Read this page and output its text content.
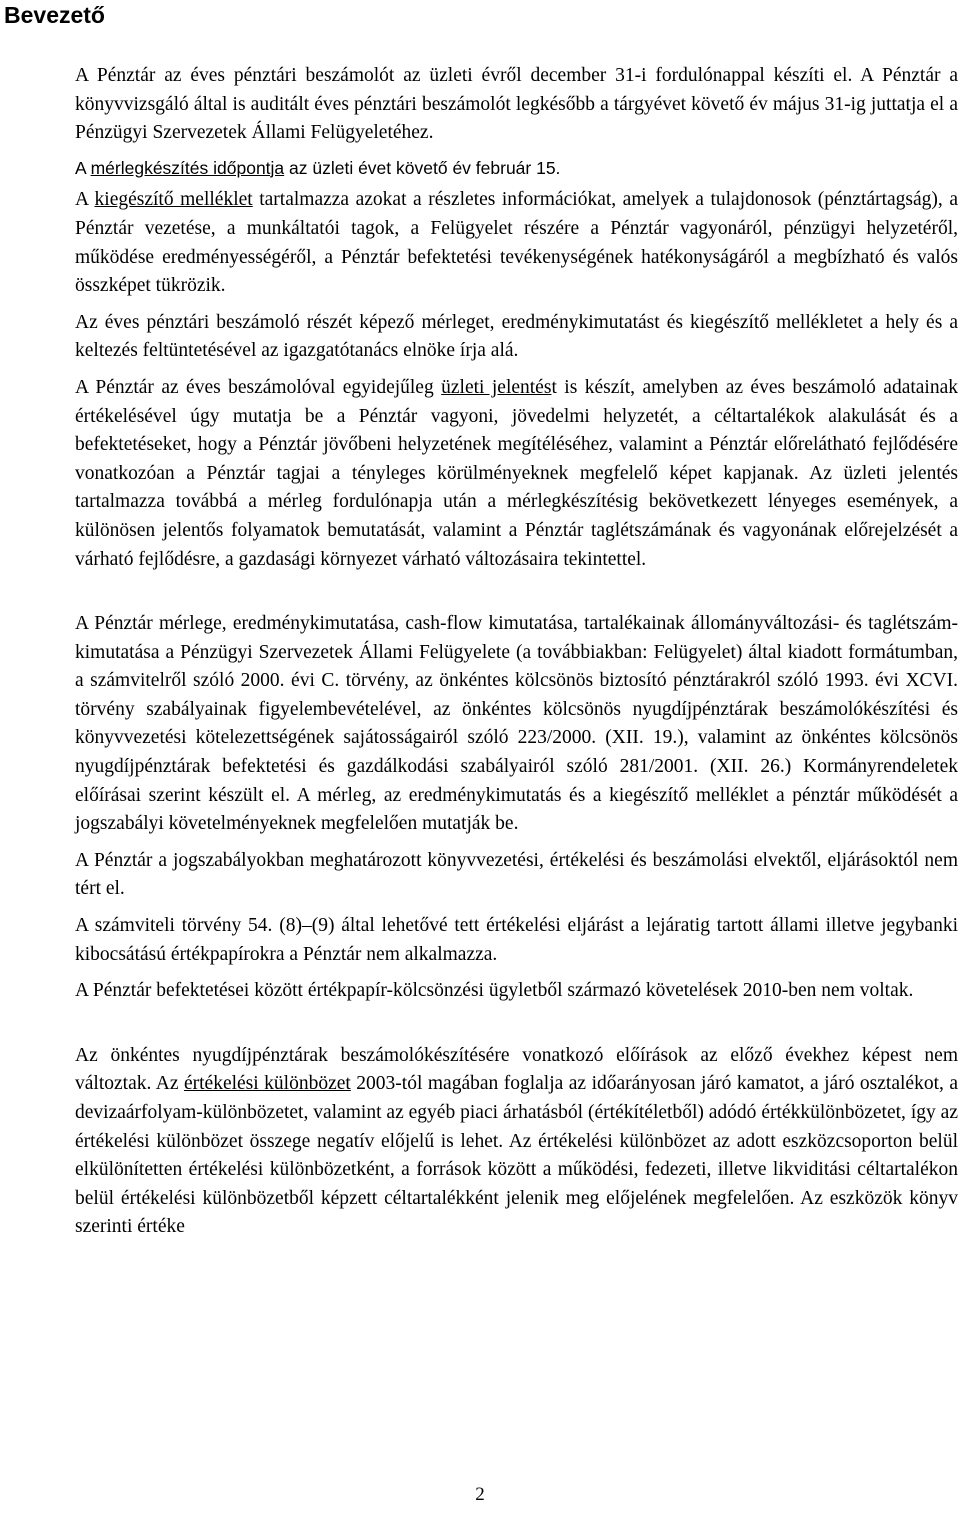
Bevezető

A Pénztár az éves pénztári beszámolót az üzleti évről december 31-i fordulónappal készíti el. A Pénztár a könyvvizsgáló által is auditált éves pénztári beszámolót legkésőbb a tárgyévet követő év május 31-ig juttatja el a Pénzügyi Szervezetek Állami Felügyeletéhez.

A mérlegkészítés időpontja az üzleti évet követő év február 15.

A kiegészítő melléklet tartalmazza azokat a részletes információkat, amelyek a tulajdonosok (pénztártagság), a Pénztár vezetése, a munkáltatói tagok, a Felügyelet részére a Pénztár vagyonáról, pénzügyi helyzetéről, működése eredményességéről, a Pénztár befektetési tevékenységének hatékonyságáról a megbízható és valós összképet tükrözik.

Az éves pénztári beszámoló részét képező mérleget, eredménykimutatást és kiegészítő mellékletet a hely és a keltezés feltüntetésével az igazgatótanács elnöke írja alá.

A Pénztár az éves beszámolóval egyidejűleg üzleti jelentést is készít, amelyben az éves beszámoló adatainak értékelésével úgy mutatja be a Pénztár vagyoni, jövedelmi helyzetét, a céltartalékok alakulását és a befektetéseket, hogy a Pénztár jövőbeni helyzetének megítéléséhez, valamint a Pénztár előrelátható fejlődésére vonatkozóan a Pénztár tagjai a tényleges körülményeknek megfelelő képet kapjanak. Az üzleti jelentés tartalmazza továbbá a mérleg fordulónapja után a mérlegkészítésig bekövetkezett lényeges események, a különösen jelentős folyamatok bemutatását, valamint a Pénztár taglétszámának és vagyonának előrejelzését a várható fejlődésre, a gazdasági környezet várható változásaira tekintettel.

A Pénztár mérlege, eredménykimutatása, cash-flow kimutatása, tartalékainak állományváltozási- és taglétszám-kimutatása a Pénzügyi Szervezetek Állami Felügyelete (a továbbiakban: Felügyelet) által kiadott formátumban, a számvitelről szóló 2000. évi C. törvény, az önkéntes kölcsönös biztosító pénztárakról szóló 1993. évi XCVI. törvény szabályainak figyelembevételével, az önkéntes kölcsönös nyugdíjpénztárak beszámolókészítési és könyvvezetési kötelezettségének sajátosságairól szóló 223/2000. (XII. 19.), valamint az önkéntes kölcsönös nyugdíjpénztárak befektetési és gazdálkodási szabályairól szóló 281/2001. (XII. 26.) Kormányrendeletek előírásai szerint készült el. A mérleg, az eredménykimutatás és a kiegészítő melléklet a pénztár működését a jogszabályi követelményeknek megfelelően mutatják be.

A Pénztár a jogszabályokban meghatározott könyvvezetési, értékelési és beszámolási elvektől, eljárásoktól nem tért el.

A számviteli törvény 54. (8)–(9) által lehetővé tett értékelési eljárást a lejáratig tartott állami illetve jegybanki kibocsátású értékpapírokra a Pénztár nem alkalmazza.

A Pénztár befektetései között értékpapír-kölcsönzési ügyletből származó követelések 2010-ben nem voltak.

Az önkéntes nyugdíjpénztárak beszámolókészítésére vonatkozó előírások az előző évekhez képest nem változtak. Az értékelési különbözet 2003-tól magában foglalja az időarányosan járó kamatot, a járó osztalékot, a devizaárfolyam-különbözetet, valamint az egyéb piaci árhatásból (értékítéletből) adódó értékkülönbözetet, így az értékelési különbözet összege negatív előjelű is lehet. Az értékelési különbözet az adott eszközcsoporton belül elkülönítetten értékelési különbözetként, a források között a működési, fedezeti, illetve likviditási céltartalékon belül értékelési különbözetből képzett céltartalékként jelenik meg előjelének megfelelően. Az eszközök könyv szerinti értéke

2
